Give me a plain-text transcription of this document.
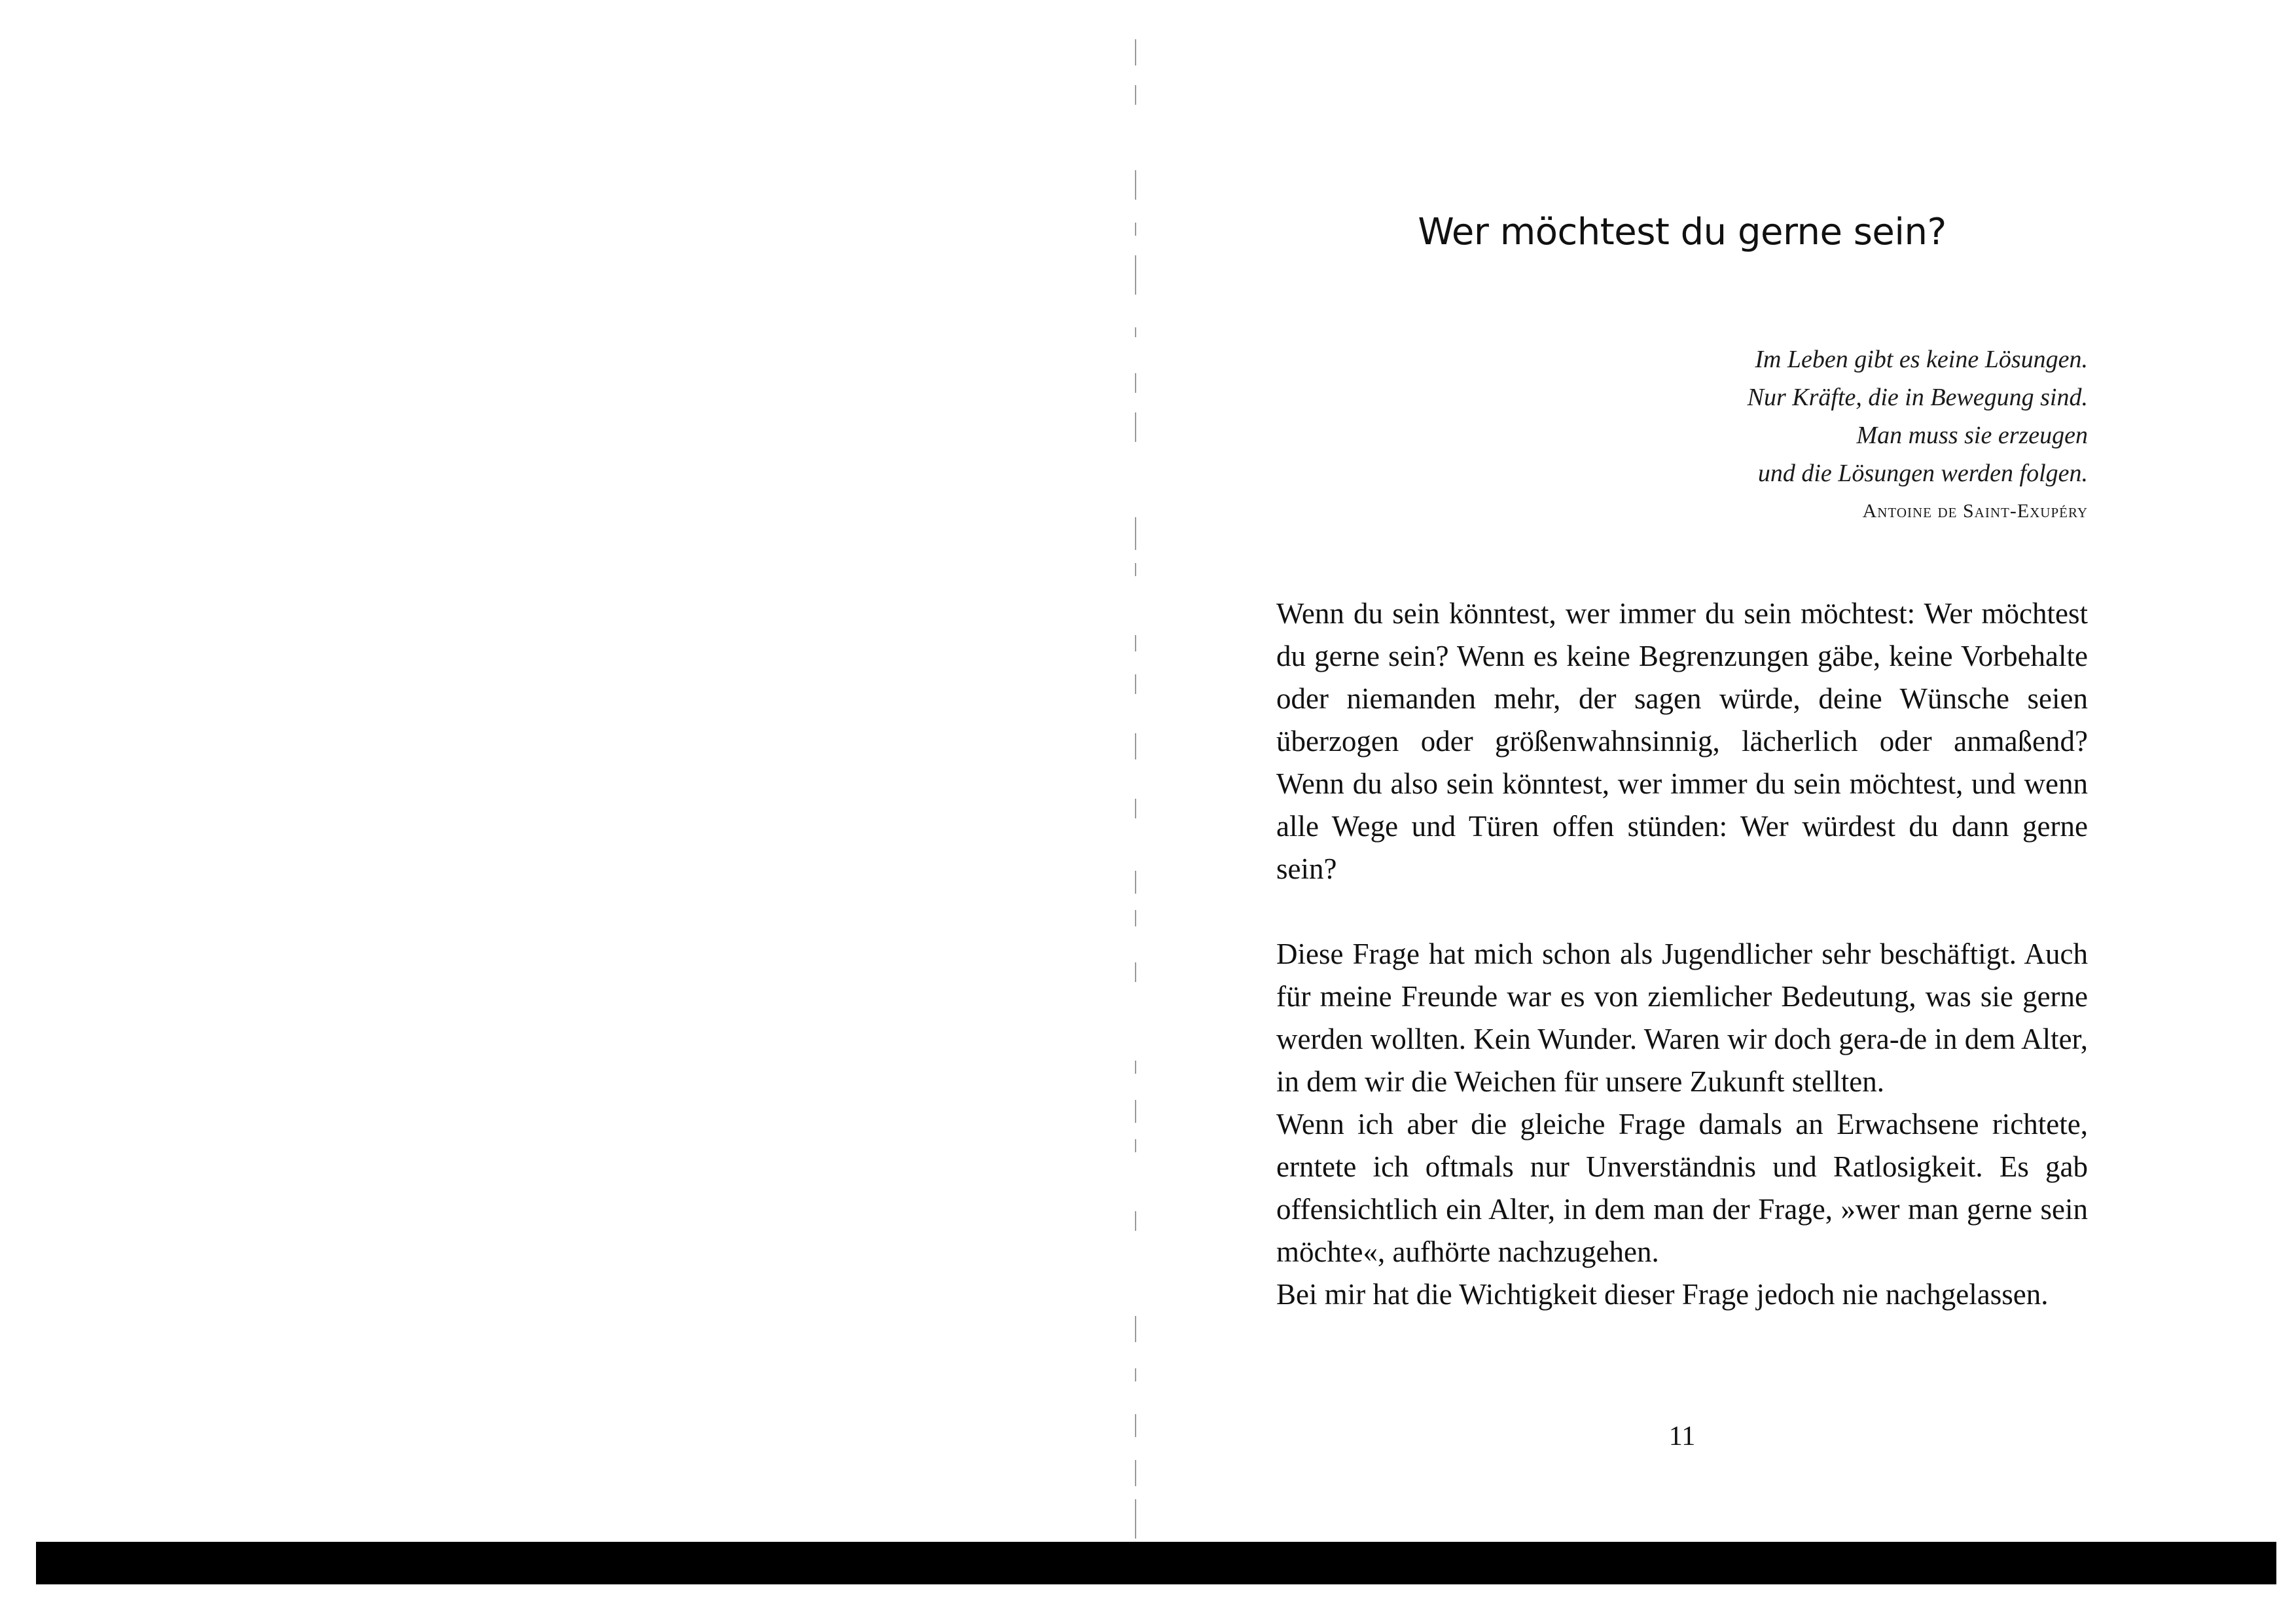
Wer möchtest du gerne sein?
Im Leben gibt es keine Lösungen.
Nur Kräfte, die in Bewegung sind.
Man muss sie erzeugen
und die Lösungen werden folgen.
Antoine de Saint-Exupéry

Wenn du sein könntest, wer immer du sein möchtest: Wer möchtest du gerne sein? Wenn es keine Begrenzungen gäbe, keine Vorbehalte oder niemanden mehr, der sagen würde, deine Wünsche seien überzogen oder größenwahnsinnig, lächerlich oder anmaßend? Wenn du also sein könntest, wer immer du sein möchtest, und wenn alle Wege und Türen offen stünden: Wer würdest du dann gerne sein?

Diese Frage hat mich schon als Jugendlicher sehr beschäftigt. Auch für meine Freunde war es von ziemlicher Bedeutung, was sie gerne werden wollten. Kein Wunder. Waren wir doch gera-de in dem Alter, in dem wir die Weichen für unsere Zukunft stellten.

Wenn ich aber die gleiche Frage damals an Erwachsene richtete, erntete ich oftmals nur Unverständnis und Ratlosigkeit. Es gab offensichtlich ein Alter, in dem man der Frage, »wer man gerne sein möchte«, aufhörte nachzugehen.

Bei mir hat die Wichtigkeit dieser Frage jedoch nie nachgelassen.

11
